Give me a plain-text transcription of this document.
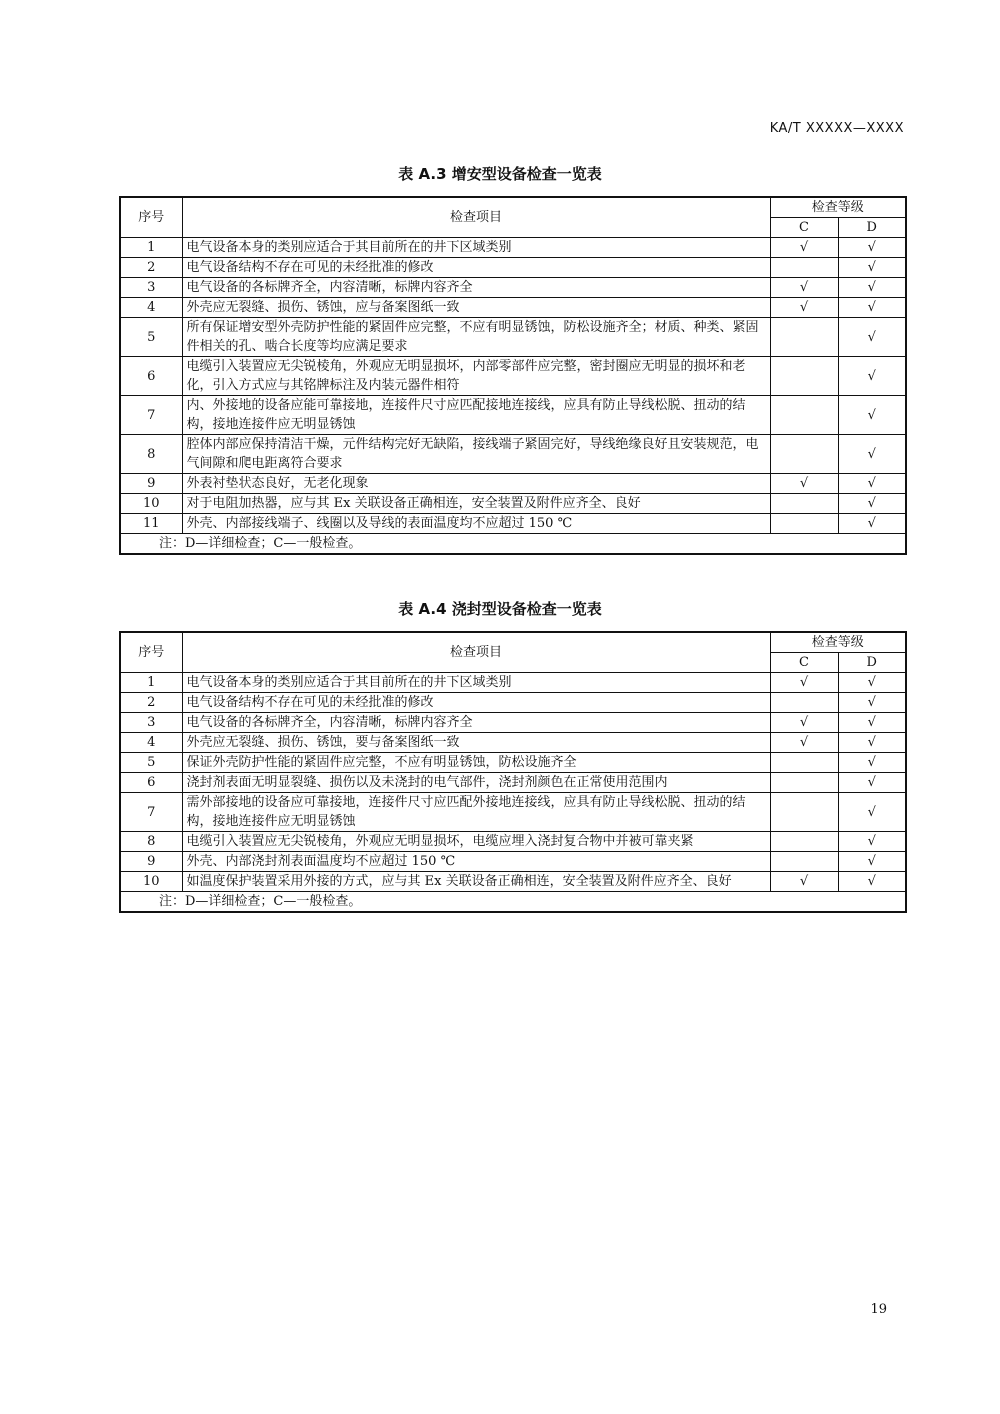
KA/T XXXXX—XXXX
表 A.3 增安型设备检查一览表
序号	检查项目	检查等级	
		C	D
1	电气设备本身的类别应适合于其目前所在的井下区域类别	√	√
2	电气设备结构不存在可见的未经批准的修改		√
3	电气设备的各标牌齐全，内容清晰，标牌内容齐全	√	√
4	外壳应无裂缝、损伤、锈蚀，应与备案图纸一致	√	√
5	所有保证增安型外壳防护性能的紧固件应完整，不应有明显锈蚀，防松设施齐全；材质、种类、紧固件相关的孔、啮合长度等均应满足要求		√
6	电缆引入装置应无尖锐棱角，外观应无明显损坏，内部零部件应完整，密封圈应无明显的损坏和老化，引入方式应与其铭牌标注及内装元器件相符		√
7	内、外接地的设备应能可靠接地，连接件尺寸应匹配接地连接线，应具有防止导线松脱、扭动的结构，接地连接件应无明显锈蚀		√
8	腔体内部应保持清洁干燥，元件结构完好无缺陷，接线端子紧固完好，导线绝缘良好且安装规范，电气间隙和爬电距离符合要求		√
9	外表衬垫状态良好，无老化现象	√	√
10	对于电阻加热器，应与其 Ex 关联设备正确相连，安全装置及附件应齐全、良好		√
11	外壳、内部接线端子、线圈以及导线的表面温度均不应超过 150 ℃		√
注：D—详细检查；C—一般检查。			
表 A.4 浇封型设备检查一览表
序号	检查项目	检查等级	
		C	D
1	电气设备本身的类别应适合于其目前所在的井下区域类别	√	√
2	电气设备结构不存在可见的未经批准的修改		√
3	电气设备的各标牌齐全，内容清晰，标牌内容齐全	√	√
4	外壳应无裂缝、损伤、锈蚀，要与备案图纸一致	√	√
5	保证外壳防护性能的紧固件应完整，不应有明显锈蚀，防松设施齐全		√
6	浇封剂表面无明显裂缝、损伤以及未浇封的电气部件，浇封剂颜色在正常使用范围内		√
7	需外部接地的设备应可靠接地，连接件尺寸应匹配外接地连接线，应具有防止导线松脱、扭动的结构，接地连接件应无明显锈蚀		√
8	电缆引入装置应无尖锐棱角，外观应无明显损坏，电缆应埋入浇封复合物中并被可靠夹紧		√
9	外壳、内部浇封剂表面温度均不应超过 150 ℃		√
10	如温度保护装置采用外接的方式，应与其 Ex 关联设备正确相连，安全装置及附件应齐全、良好	√	√
注：D—详细检查；C—一般检查。			
19
